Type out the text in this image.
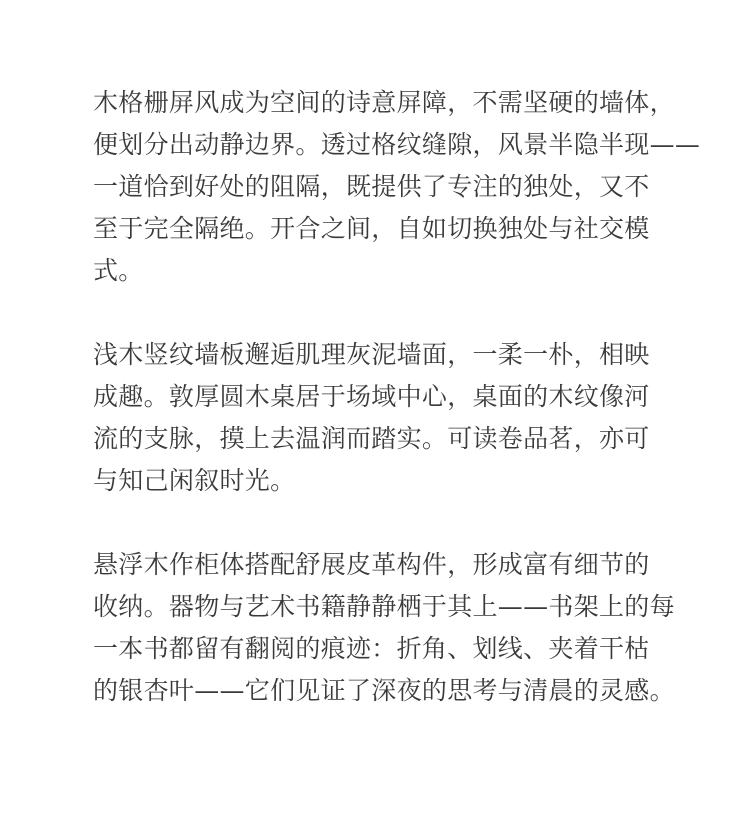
木格栅屏风成为空间的诗意屏障，不需坚硬的墙体，
便划分出动静边界。透过格纹缝隙，风景半隐半现——
一道恰到好处的阻隔，既提供了专注的独处，又不
至于完全隔绝。开合之间，自如切换独处与社交模
式。
浅木竖纹墙板邂逅肌理灰泥墙面，一柔一朴，相映
成趣。敦厚圆木桌居于场域中心，桌面的木纹像河
流的支脉，摸上去温润而踏实。可读卷品茗，亦可
与知己闲叙时光。
悬浮木作柜体搭配舒展皮革构件，形成富有细节的
收纳。器物与艺术书籍静静栖于其上——书架上的每
一本书都留有翻阅的痕迹：折角、划线、夹着干枯
的银杏叶——它们见证了深夜的思考与清晨的灵感。
